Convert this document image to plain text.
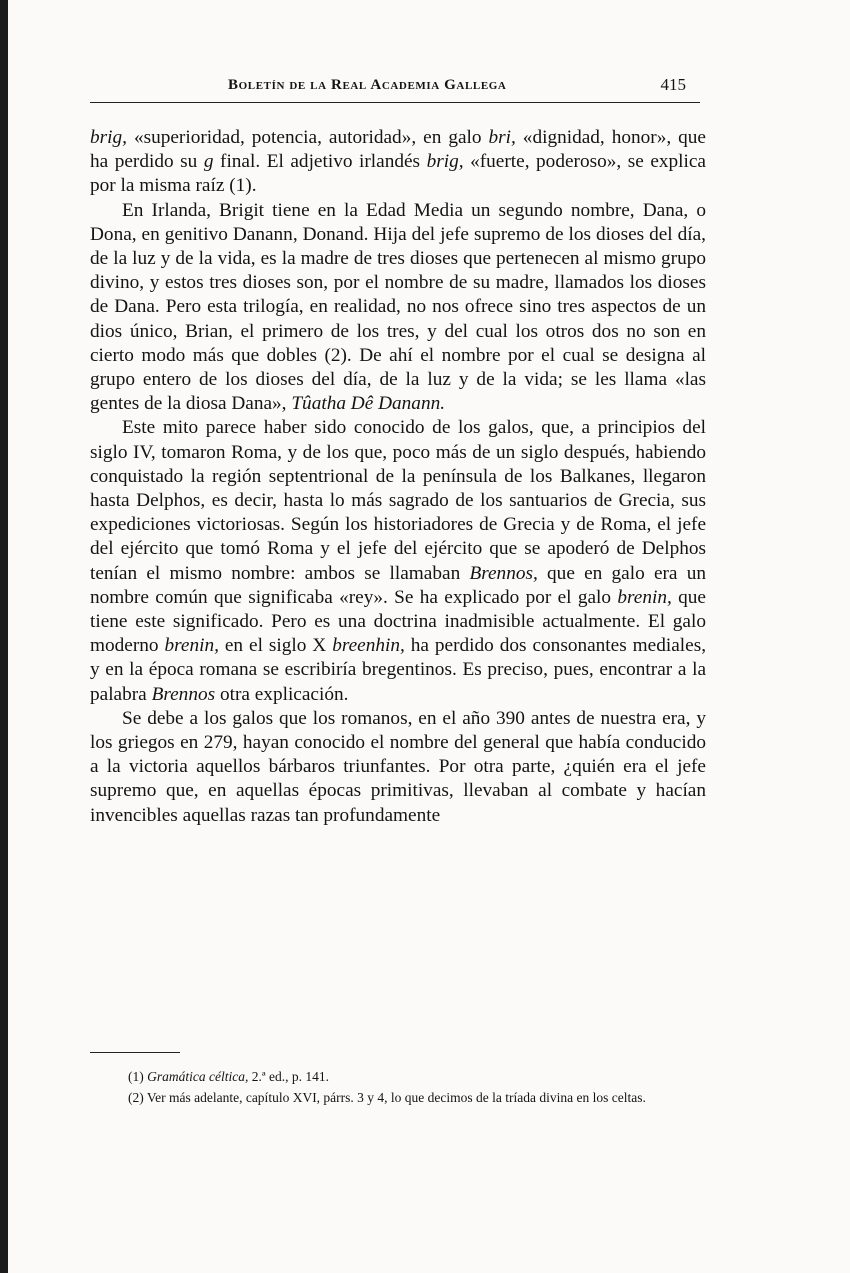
Boletín de la Real Academia Gallega	415

brig, «superioridad, potencia, autoridad», en galo bri, «dignidad, honor», que ha perdido su g final. El adjetivo irlandés brig, «fuerte, poderoso», se explica por la misma raíz (1).

En Irlanda, Brigit tiene en la Edad Media un segundo nombre, Dana, o Dona, en genitivo Danann, Donand. Hija del jefe supremo de los dioses del día, de la luz y de la vida, es la madre de tres dioses que pertenecen al mismo grupo divino, y estos tres dioses son, por el nombre de su madre, llamados los dioses de Dana. Pero esta trilogía, en realidad, no nos ofrece sino tres aspectos de un dios único, Brian, el primero de los tres, y del cual los otros dos no son en cierto modo más que dobles (2). De ahí el nombre por el cual se designa al grupo entero de los dioses del día, de la luz y de la vida; se les llama «las gentes de la diosa Dana», Tûatha Dê Danann.

Este mito parece haber sido conocido de los galos, que, a principios del siglo IV, tomaron Roma, y de los que, poco más de un siglo después, habiendo conquistado la región septentrional de la península de los Balkanes, llegaron hasta Delphos, es decir, hasta lo más sagrado de los santuarios de Grecia, sus expediciones victoriosas. Según los historiadores de Grecia y de Roma, el jefe del ejército que tomó Roma y el jefe del ejército que se apoderó de Delphos tenían el mismo nombre: ambos se llamaban Brennos, que en galo era un nombre común que significaba «rey». Se ha explicado por el galo brenin, que tiene este significado. Pero es una doctrina inadmisible actualmente. El galo moderno brenin, en el siglo X breenhin, ha perdido dos consonantes mediales, y en la época romana se escribiría bregentinos. Es preciso, pues, encontrar a la palabra Brennos otra explicación.

Se debe a los galos que los romanos, en el año 390 antes de nuestra era, y los griegos en 279, hayan conocido el nombre del general que había conducido a la victoria aquellos bárbaros triunfantes. Por otra parte, ¿quién era el jefe supremo que, en aquellas épocas primitivas, llevaban al combate y hacían invencibles aquellas razas tan profundamente

(1) Gramática céltica, 2.ª ed., p. 141.

(2) Ver más adelante, capítulo XVI, párrs. 3 y 4, lo que decimos de la tríada divina en los celtas.
